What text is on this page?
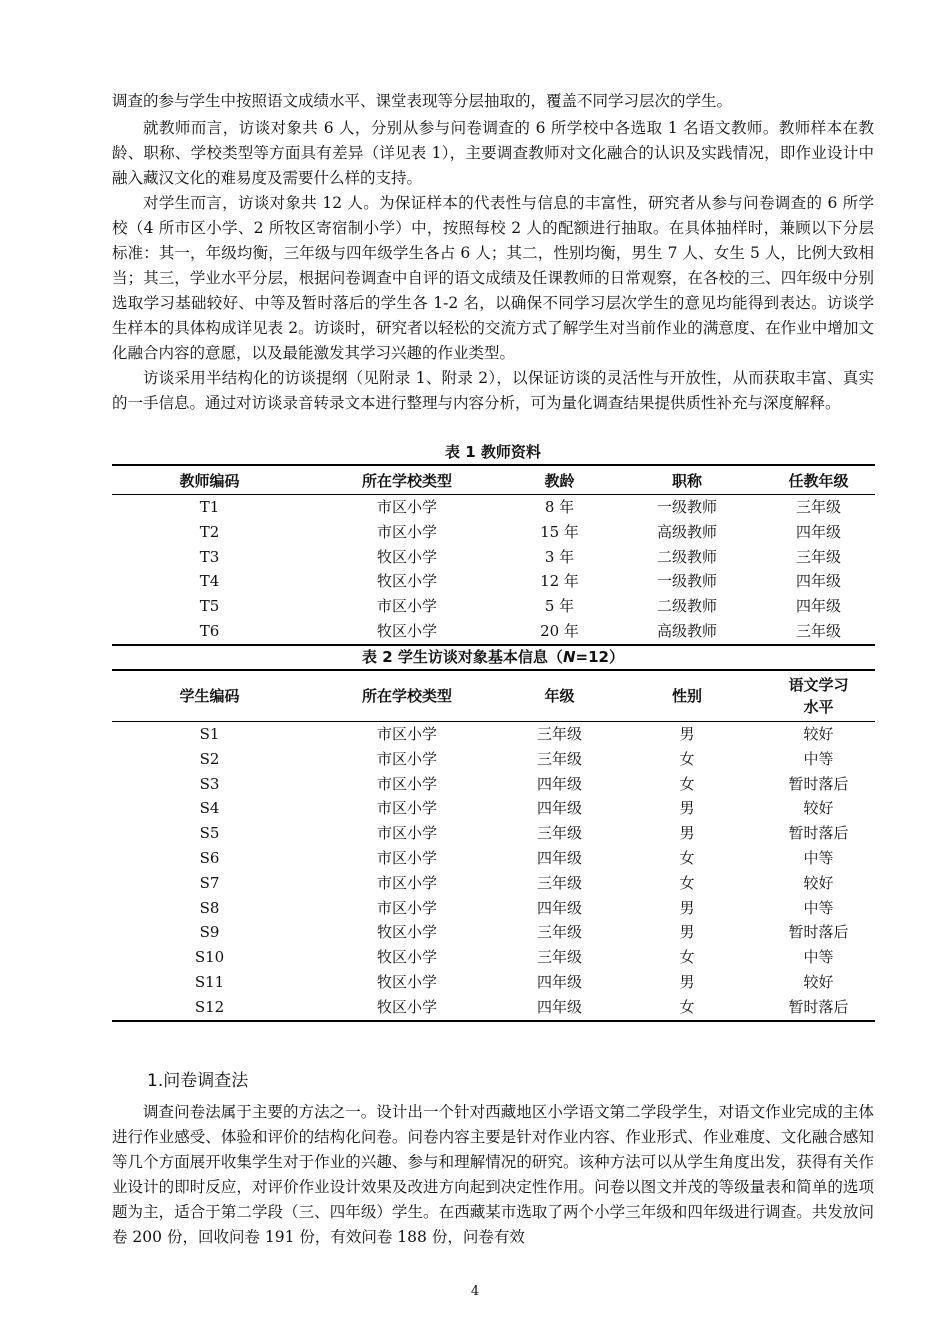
调查的参与学生中按照语文成绩水平、课堂表现等分层抽取的，覆盖不同学习层次的学生。

就教师而言，访谈对象共 6 人，分别从参与问卷调查的 6 所学校中各选取 1 名语文教师。教师样本在教龄、职称、学校类型等方面具有差异（详见表 1），主要调查教师对文化融合的认识及实践情况，即作业设计中融入藏汉文化的难易度及需要什么样的支持。

对学生而言，访谈对象共 12 人。为保证样本的代表性与信息的丰富性，研究者从参与问卷调查的 6 所学校（4 所市区小学、2 所牧区寄宿制小学）中，按照每校 2 人的配额进行抽取。在具体抽样时，兼顾以下分层标准：其一，年级均衡，三年级与四年级学生各占 6 人；其二，性别均衡，男生 7 人、女生 5 人，比例大致相当；其三，学业水平分层，根据问卷调查中自评的语文成绩及任课教师的日常观察，在各校的三、四年级中分别选取学习基础较好、中等及暂时落后的学生各 1-2 名，以确保不同学习层次学生的意见均能得到表达。访谈学生样本的具体构成详见表 2。访谈时，研究者以轻松的交流方式了解学生对当前作业的满意度、在作业中增加文化融合内容的意愿，以及最能激发其学习兴趣的作业类型。

访谈采用半结构化的访谈提纲（见附录 1、附录 2），以保证访谈的灵活性与开放性，从而获取丰富、真实的一手信息。通过对访谈录音转录文本进行整理与内容分析，可为量化调查结果提供质性补充与深度解释。

表 1 教师资料

教师编码	所在学校类型	教龄	职称	任教年级
T1	市区小学	8 年	一级教师	三年级
T2	市区小学	15 年	高级教师	四年级
T3	牧区小学	3 年	二级教师	三年级
T4	牧区小学	12 年	一级教师	四年级
T5	市区小学	5 年	二级教师	四年级
T6	牧区小学	20 年	高级教师	三年级

表 2 学生访谈对象基本信息（N=12）

学生编码	所在学校类型	年级	性别	语文学习水平
S1	市区小学	三年级	男	较好
S2	市区小学	三年级	女	中等
S3	市区小学	四年级	女	暂时落后
S4	市区小学	四年级	男	较好
S5	市区小学	三年级	男	暂时落后
S6	市区小学	四年级	女	中等
S7	市区小学	三年级	女	较好
S8	市区小学	四年级	男	中等
S9	牧区小学	三年级	男	暂时落后
S10	牧区小学	三年级	女	中等
S11	牧区小学	四年级	男	较好
S12	牧区小学	四年级	女	暂时落后
1.问卷调查法

调查问卷法属于主要的方法之一。设计出一个针对西藏地区小学语文第二学段学生，对语文作业完成的主体进行作业感受、体验和评价的结构化问卷。问卷内容主要是针对作业内容、作业形式、作业难度、文化融合感知等几个方面展开收集学生对于作业的兴趣、参与和理解情况的研究。该种方法可以从学生角度出发，获得有关作业设计的即时反应，对评价作业设计效果及改进方向起到决定性作用。问卷以图文并茂的等级量表和简单的选项题为主，适合于第二学段（三、四年级）学生。在西藏某市选取了两个小学三年级和四年级进行调查。共发放问卷 200 份，回收问卷 191 份，有效问卷 188 份，问卷有效

4
